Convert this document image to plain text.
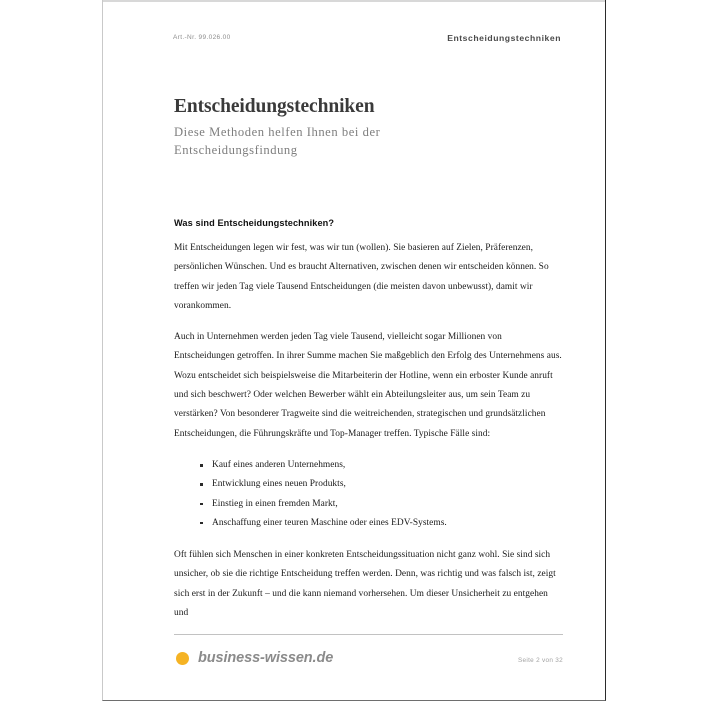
Art.-Nr. 99.026.00	Entscheidungstechniken
Entscheidungstechniken
Diese Methoden helfen Ihnen bei der Entscheidungsfindung
Was sind Entscheidungstechniken?

Mit Entscheidungen legen wir fest, was wir tun (wollen). Sie basieren auf Zielen, Präferenzen, persönlichen Wünschen. Und es braucht Alternativen, zwischen denen wir entscheiden können. So treffen wir jeden Tag viele Tausend Entscheidungen (die meisten davon unbewusst), damit wir vorankommen.

Auch in Unternehmen werden jeden Tag viele Tausend, vielleicht sogar Millionen von Entscheidungen getroffen. In ihrer Summe machen Sie maßgeblich den Erfolg des Unternehmens aus. Wozu entscheidet sich beispielsweise die Mitarbeiterin der Hotline, wenn ein erboster Kunde anruft und sich beschwert? Oder welchen Bewerber wählt ein Abteilungsleiter aus, um sein Team zu verstärken? Von besonderer Tragweite sind die weitreichenden, strategischen und grundsätzlichen Entscheidungen, die Führungskräfte und Top-Manager treffen. Typische Fälle sind:

Kauf eines anderen Unternehmens,
Entwicklung eines neuen Produkts,
Einstieg in einen fremden Markt,
Anschaffung einer teuren Maschine oder eines EDV-Systems.

Oft fühlen sich Menschen in einer konkreten Entscheidungssituation nicht ganz wohl. Sie sind sich unsicher, ob sie die richtige Entscheidung treffen werden. Denn, was richtig und was falsch ist, zeigt sich erst in der Zukunft – und die kann niemand vorhersehen. Um dieser Unsicherheit zu entgehen und

business-wissen.de	Seite 2 von 32
